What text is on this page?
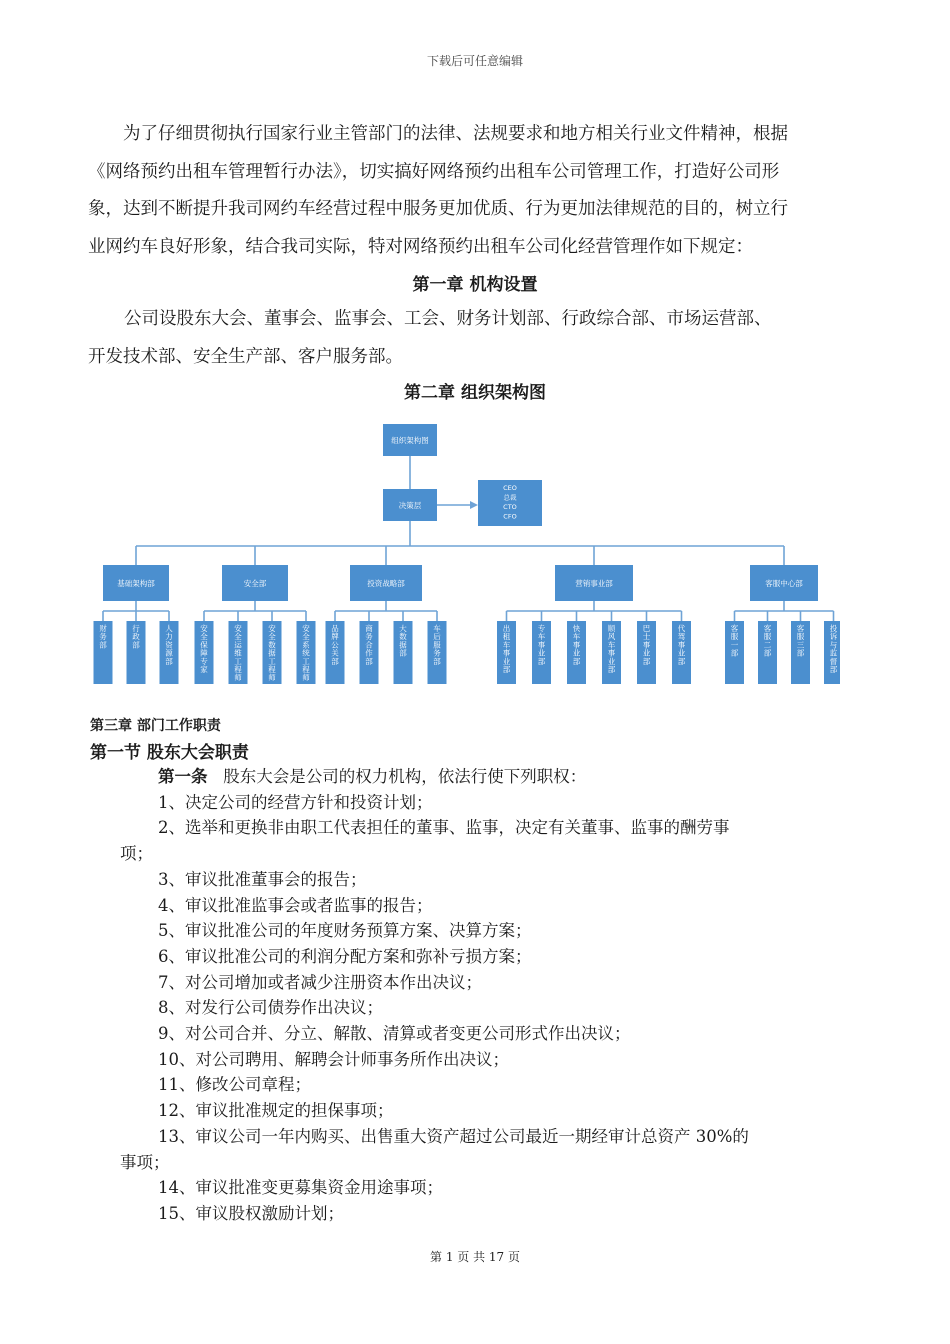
下载后可任意编辑

为了仔细贯彻执行国家行业主管部门的法律、法规要求和地方相关行业文件精神，根据

《网络预约出租车管理暂行办法》，切实搞好网络预约出租车公司管理工作，打造好公司形

象，达到不断提升我司网约车经营过程中服务更加优质、行为更加法律规范的目的，树立行

业网约车良好形象，结合我司实际，特对网络预约出租车公司化经营管理作如下规定：

第一章 机构设置

公司设股东大会、董事会、监事会、工会、财务计划部、行政综合部、市场运营部、

开发技术部、安全生产部、客户服务部。

第二章 组织架构图
组织架构图
决策层
CEO
总裁
CTO
CFO
基础架构部
财务部
行政部
人力资源部
安全部
安全保障专家
安全运维工程师
安全数据工程师
安全系统工程师
投资战略部
品牌公关部
商务合作部
大数据部
车后服务部
营销事业部
出租车事业部
专车事业部
快车事业部
顺风车事业部
巴士事业部
代驾事业部
客服中心部
客服一部
客服二部
客服三部
投诉与监督部
第三章 部门工作职责
第一节 股东大会职责
第一条 股东大会是公司的权力机构，依法行使下列职权：
1、决定公司的经营方针和投资计划；
2、选举和更换非由职工代表担任的董事、监事，决定有关董事、监事的酬劳事
项；
3、审议批准董事会的报告；
4、审议批准监事会或者监事的报告；
5、审议批准公司的年度财务预算方案、决算方案；
6、审议批准公司的利润分配方案和弥补亏损方案；
7、对公司增加或者减少注册资本作出决议；
8、对发行公司债券作出决议；
9、对公司合并、分立、解散、清算或者变更公司形式作出决议；
10、对公司聘用、解聘会计师事务所作出决议；
11、修改公司章程；
12、审议批准规定的担保事项；
13、审议公司一年内购买、出售重大资产超过公司最近一期经审计总资产 30%的
事项；
14、审议批准变更募集资金用途事项；
15、审议股权激励计划；
第 1 页 共 17 页
